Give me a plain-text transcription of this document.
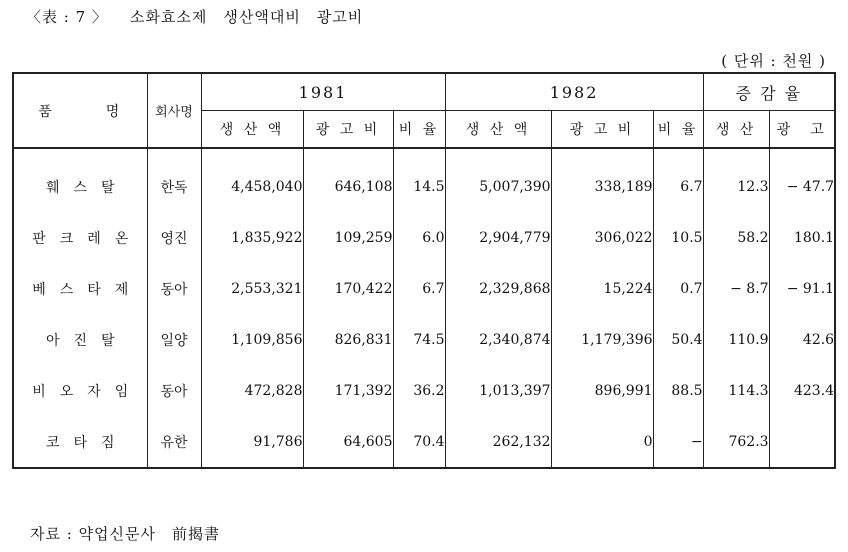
〈表 : 7 〉 소화효소제　생산액대비　광고비
( 단위 : 천원 )
품　　　명	회사명	1981			1982			증 감 율	
		생 산 액	광 고 비	비 율	생 산 액	광 고 비	비 율	생 산	광　고
훼스탈	한독	4,458,040	646,108	14.5	5,007,390	338,189	6.7	12.3	− 47.7
판크레온	영진	1,835,922	109,259	6.0	2,904,779	306,022	10.5	58.2	180.1
베스타제	동아	2,553,321	170,422	6.7	2,329,868	15,224	0.7	− 8.7	− 91.1
아진탈	일양	1,109,856	826,831	74.5	2,340,874	1,179,396	50.4	110.9	42.6
비오자임	동아	472,828	171,392	36.2	1,013,397	896,991	88.5	114.3	423.4
코타짐	유한	91,786	64,605	70.4	262,132	0	−	762.3	
자료 : 약업신문사　前揭書
